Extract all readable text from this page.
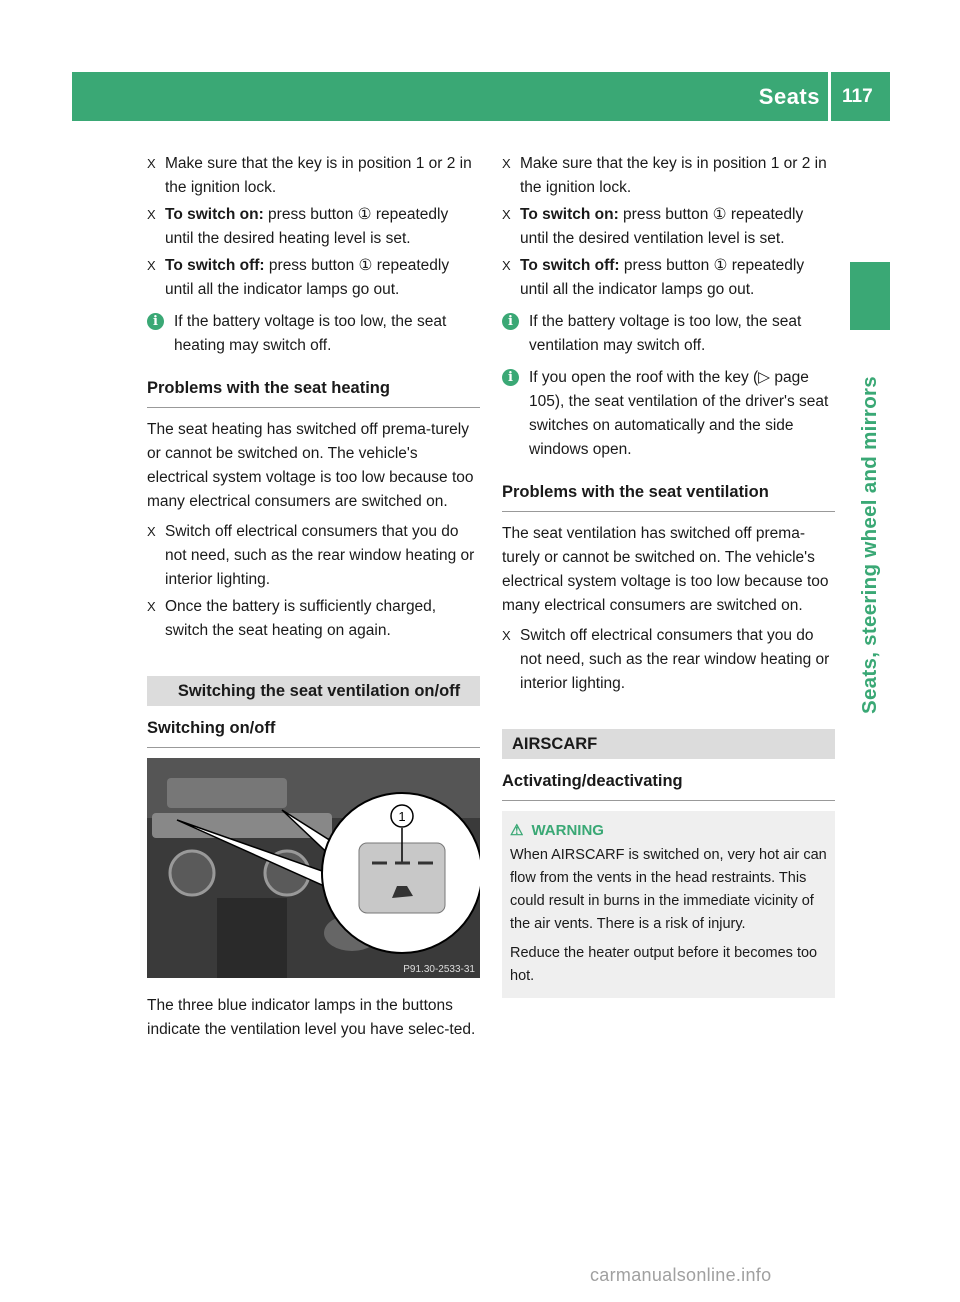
Seats 117
Seats, steering wheel and mirrors
X Make sure that the key is in position 1 or 2 in the ignition lock.
X To switch on: press button ① repeatedly until the desired heating level is set.
X To switch off: press button ① repeatedly until all the indicator lamps go out.
i	If the battery voltage is too low, the seat heating may switch off.
Problems with the seat heating
The seat heating has switched off prema-turely or cannot be switched on. The vehicle's electrical system voltage is too low because too many electrical consumers are switched on.
X Switch off electrical consumers that you do not need, such as the rear window heating or interior lighting.
X Once the battery is sufficiently charged, switch the seat heating on again.
Switching the seat ventilation on/off
Switching on/off
1
P91.30-2533-31
The three blue indicator lamps in the buttons indicate the ventilation level you have selec-ted.
X Make sure that the key is in position 1 or 2 in the ignition lock.
X To switch on: press button ① repeatedly until the desired ventilation level is set.
X To switch off: press button ① repeatedly until all the indicator lamps go out.
i	If the battery voltage is too low, the seat ventilation may switch off.
i	If you open the roof with the key (▷ page 105), the seat ventilation of the driver's seat switches on automatically and the side windows open.
Problems with the seat ventilation
The seat ventilation has switched off prema-turely or cannot be switched on. The vehicle's electrical system voltage is too low because too many electrical consumers are switched on.
X Switch off electrical consumers that you do not need, such as the rear window heating or interior lighting.
AIRSCARF
Activating/deactivating
⚠ WARNING
When AIRSCARF is switched on, very hot air can flow from the vents in the head restraints. This could result in burns in the immediate vicinity of the air vents. There is a risk of injury.
Reduce the heater output before it becomes too hot.
carmanualsonline.info
